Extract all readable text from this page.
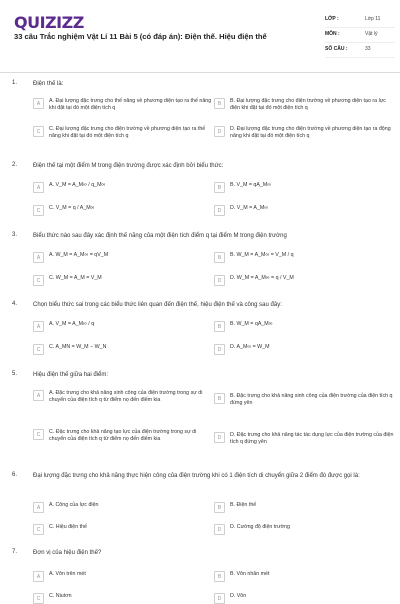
QUIZIZZ
33 câu Trắc nghiệm Vật Lí 11 Bài 5 (có đáp án): Điện thế. Hiệu điện thế
LỚP :	Lớp 11
MÔN :	Vật lý
SỐ CÂU :	33
1.	Điện thế là:
A	A. Đại lượng đặc trưng cho thế năng về phương diện tạo ra thế năng khi đặt tại đó một điện tích q
B	B. Đại lượng đặc trưng cho điện trường về phương diện tạo ra lực điện khi đặt tại đó một điện tích q
C	C. Đại lượng đặc trưng cho điện trường về phương diện tạo ra thế năng khi đặt tại đó một điện tích q
D	D. Đại lượng đặc trưng cho điện trường về phương diện tạo ra động năng khi đặt tại đó một điện tích q
2.	Điện thế tại một điểm M trong điện trường được xác định bởi biểu thức:
A	A. V_M = A_M∞ / q_M∞	B	B. V_M = qA_M∞
C	C. V_M = q / A_M∞	D	D. V_M = A_M∞
3.	Biểu thức nào sau đây xác định thế năng của một điện tích điểm q tại điểm M trong điện trường
A	A. W_M = A_M∞ = qV_M	B	B. W_M = A_M∞ = V_M / q
C	C. W_M = A_M = V_M	D	D. W_M = A_M∞ = q / V_M
4.	Chọn biểu thức sai trong các biểu thức liên quan đến điện thế, hiệu điện thế và công sau đây:
A	A. V_M = A_M∞ / q	B	B. W_M = qA_M∞
C	C. A_MN = W_M − W_N	D	D. A_M∞ = W_M
5.	Hiệu điện thế giữa hai điểm:
A	A. Đặc trưng cho khả năng sinh công của điện trường trong sự di chuyển của điện tích q từ điểm nọ đến điểm kia	B	B. Đặc trưng cho khả năng sinh công của điện trường của điện tích q đứng yên
C	C. Đặc trưng cho khả năng tạo lực của điện trường trong sự di chuyển của điện tích q từ điểm nọ đến điểm kia	D	D. Đặc trưng cho khả năng tác tác dụng lực của điện trường của điện tích q đứng yên
6.	Đại lượng đặc trưng cho khả năng thực hiện công của điện trường khi có 1 điện tích di chuyển giữa 2 điểm đó được gọi là:
A	A. Công của lực điện	B	B. Điện thế
C	C. Hiệu điện thế	D	D. Cường độ điện trường
7.	Đơn vị của hiệu điện thế?
A	A. Vôn trên mét	B	B. Vôn nhân mét
C	C. Niutơn	D	D. Vôn
